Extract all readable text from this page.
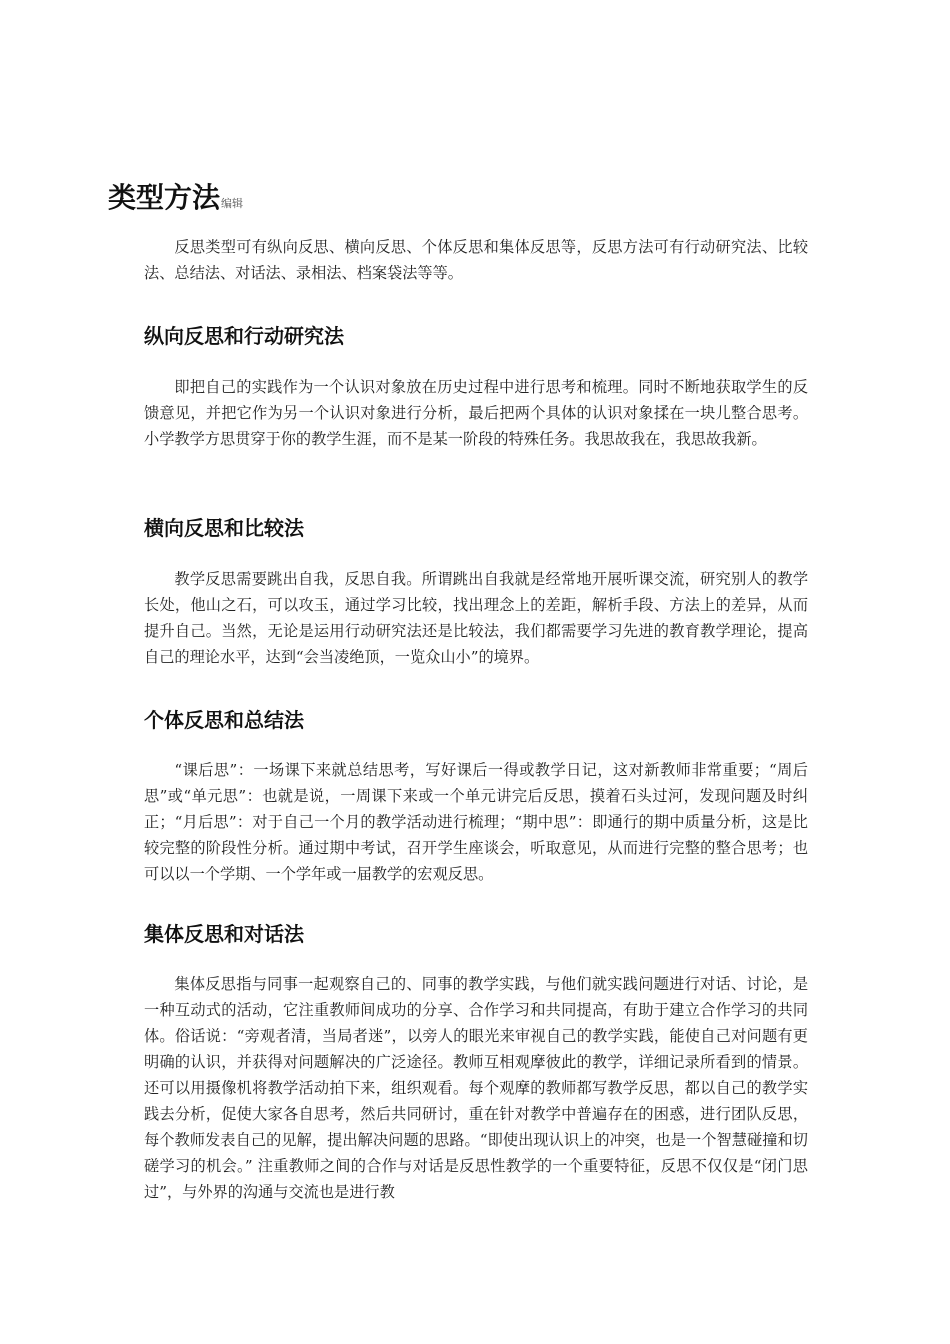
类型方法编辑

反思类型可有纵向反思、横向反思、个体反思和集体反思等，反思方法可有行动研究法、比较法、总结法、对话法、录相法、档案袋法等等。

纵向反思和行动研究法

即把自己的实践作为一个认识对象放在历史过程中进行思考和梳理。同时不断地获取学生的反馈意见，并把它作为另一个认识对象进行分析，最后把两个具体的认识对象揉在一块儿整合思考。小学教学方思贯穿于你的教学生涯，而不是某一阶段的特殊任务。我思故我在，我思故我新。

横向反思和比较法

教学反思需要跳出自我，反思自我。所谓跳出自我就是经常地开展听课交流，研究别人的教学长处，他山之石，可以攻玉，通过学习比较，找出理念上的差距，解析手段、方法上的差异，从而提升自己。当然，无论是运用行动研究法还是比较法，我们都需要学习先进的教育教学理论，提高自己的理论水平，达到“会当凌绝顶，一览众山小”的境界。

个体反思和总结法

“课后思”：一场课下来就总结思考，写好课后一得或教学日记，这对新教师非常重要；“周后思”或“单元思”：也就是说，一周课下来或一个单元讲完后反思，摸着石头过河，发现问题及时纠正；“月后思”：对于自己一个月的教学活动进行梳理；“期中思”：即通行的期中质量分析，这是比较完整的阶段性分析。通过期中考试，召开学生座谈会，听取意见，从而进行完整的整合思考；也可以以一个学期、一个学年或一届教学的宏观反思。

集体反思和对话法

集体反思指与同事一起观察自己的、同事的教学实践，与他们就实践问题进行对话、讨论，是一种互动式的活动，它注重教师间成功的分享、合作学习和共同提高，有助于建立合作学习的共同体。俗话说：“旁观者清，当局者迷”，以旁人的眼光来审视自己的教学实践，能使自己对问题有更明确的认识，并获得对问题解决的广泛途径。教师互相观摩彼此的教学，详细记录所看到的情景。还可以用摄像机将教学活动拍下来，组织观看。每个观摩的教师都写教学反思，都以自己的教学实践去分析，促使大家各自思考，然后共同研讨，重在针对教学中普遍存在的困惑，进行团队反思，每个教师发表自己的见解，提出解决问题的思路。“即使出现认识上的冲突，也是一个智慧碰撞和切磋学习的机会。” 注重教师之间的合作与对话是反思性教学的一个重要特征，反思不仅仅是“闭门思过”，与外界的沟通与交流也是进行教
